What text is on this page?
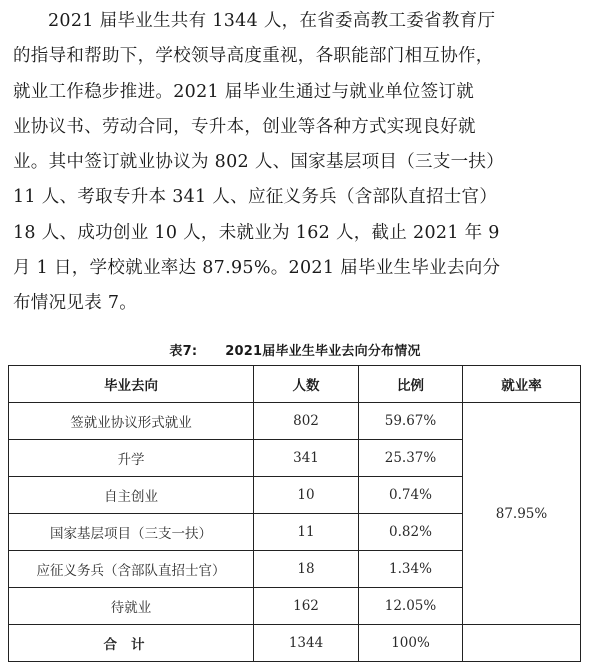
2021 届毕业生共有 1344 人，在省委高教工委省教育厅
的指导和帮助下，学校领导高度重视，各职能部门相互协作，
就业工作稳步推进。2021 届毕业生通过与就业单位签订就
业协议书、劳动合同，专升本，创业等各种方式实现良好就
业。其中签订就业协议为 802 人、国家基层项目（三支一扶）
11 人、考取专升本 341 人、应征义务兵（含部队直招士官）
18 人、成功创业 10 人，未就业为 162 人，截止 2021 年 9
月 1 日，学校就业率达 87.95%。2021 届毕业生毕业去向分
布情况见表 7。
表7: 2021届毕业生毕业去向分布情况
毕业去向	人数	比例	就业率
签就业协议形式就业	802	59.67%	87.95%
升学	341	25.37%	
自主创业	10	0.74%	
国家基层项目（三支一扶）	11	0.82%	
应征义务兵（含部队直招士官）	18	1.34%	
待就业	162	12.05%	
合计	1344	100%	
